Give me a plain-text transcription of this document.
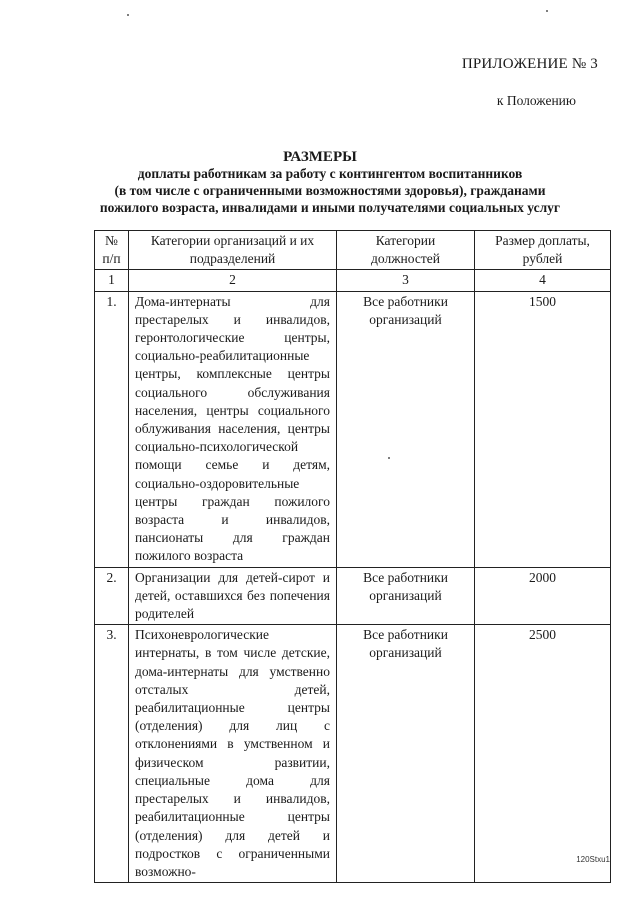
ПРИЛОЖЕНИЕ № 3
к Положению
РАЗМЕРЫ
доплаты работникам за работу с контингентом воспитанников
(в том числе с ограниченными возможностями здоровья), гражданами
пожилого возраста, инвалидами и иными получателями социальных услуг
№ п/п	Категории организаций и их подразделений	Категории должностей	Размер доплаты, рублей
1	2	3	4
1.	Дома-интернаты для престарелых и инвалидов, геронтологические центры, социально-реабилитационные центры, комплексные центры социального обслуживания населения, центры социального облуживания населения, центры социально-психологической помощи семье и детям, социально-оздоровительные центры граждан пожилого возраста и инвалидов, пансионаты для граждан пожилого возраста	Все работники организаций	1500
2.	Организации для детей-сирот и детей, оставшихся без попечения родителей	Все работники организаций	2000
3.	Психоневрологические интернаты, в том числе детские, дома-интернаты для умственно отсталых детей, реабилитационные центры (отделения) для лиц с отклонениями в умственном и физическом развитии, специальные дома для престарелых и инвалидов, реабилитационные центры (отделения) для детей и подростков с ограниченными возможно-	Все работники организаций	2500
120Stxu1
